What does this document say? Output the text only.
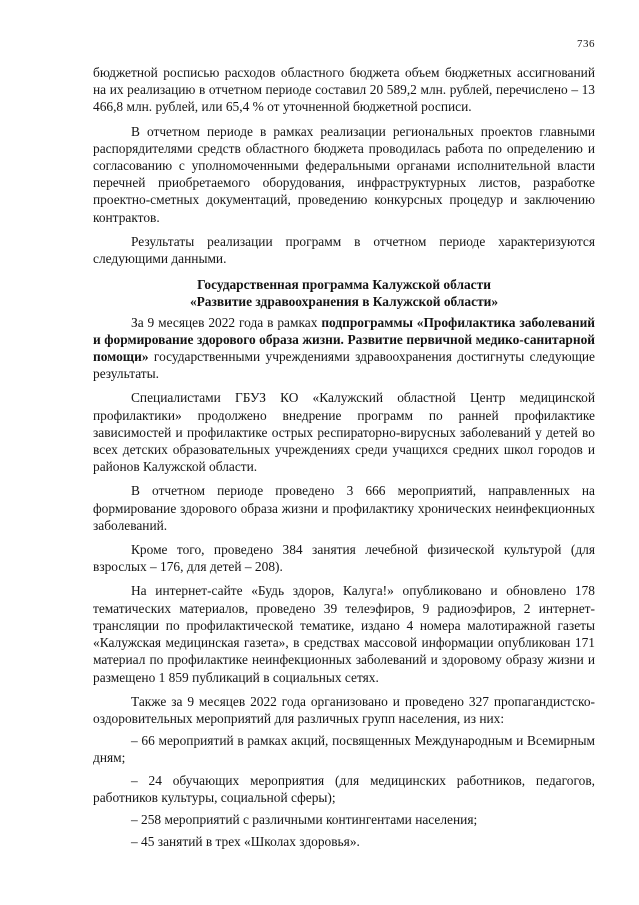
736

бюджетной росписью расходов областного бюджета объем бюджетных ассигнований на их реализацию в отчетном периоде составил 20 589,2 млн. рублей, перечислено – 13 466,8 млн. рублей, или 65,4 % от уточненной бюджетной росписи.

В отчетном периоде в рамках реализации региональных проектов главными распорядителями средств областного бюджета проводилась работа по определению и согласованию с уполномоченными федеральными органами исполнительной власти перечней приобретаемого оборудования, инфраструктурных листов, разработке проектно-сметных документаций, проведению конкурсных процедур и заключению контрактов.

Результаты реализации программ в отчетном периоде характеризуются следующими данными.

Государственная программа Калужской области
«Развитие здравоохранения в Калужской области»

За 9 месяцев 2022 года в рамках подпрограммы «Профилактика заболеваний и формирование здорового образа жизни. Развитие первичной медико-санитарной помощи» государственными учреждениями здравоохранения достигнуты следующие результаты.

Специалистами ГБУЗ КО «Калужский областной Центр медицинской профилактики» продолжено внедрение программ по ранней профилактике зависимостей и профилактике острых респираторно-вирусных заболеваний у детей во всех детских образовательных учреждениях среди учащихся средних школ городов и районов Калужской области.

В отчетном периоде проведено 3 666 мероприятий, направленных на формирование здорового образа жизни и профилактику хронических неинфекционных заболеваний.

Кроме того, проведено 384 занятия лечебной физической культурой (для взрослых – 176, для детей – 208).

На интернет-сайте «Будь здоров, Калуга!» опубликовано и обновлено 178 тематических материалов, проведено 39 телеэфиров, 9 радиоэфиров, 2 интернет-трансляции по профилактической тематике, издано 4 номера малотиражной газеты «Калужская медицинская газета», в средствах массовой информации опубликован 171 материал по профилактике неинфекционных заболеваний и здоровому образу жизни и размещено 1 859 публикаций в социальных сетях.

Также за 9 месяцев 2022 года организовано и проведено 327 пропагандистско-оздоровительных мероприятий для различных групп населения, из них:

– 66 мероприятий в рамках акций, посвященных Международным и Всемирным дням;

– 24 обучающих мероприятия (для медицинских работников, педагогов, работников культуры, социальной сферы);

– 258 мероприятий с различными контингентами населения;

– 45 занятий в трех «Школах здоровья».
